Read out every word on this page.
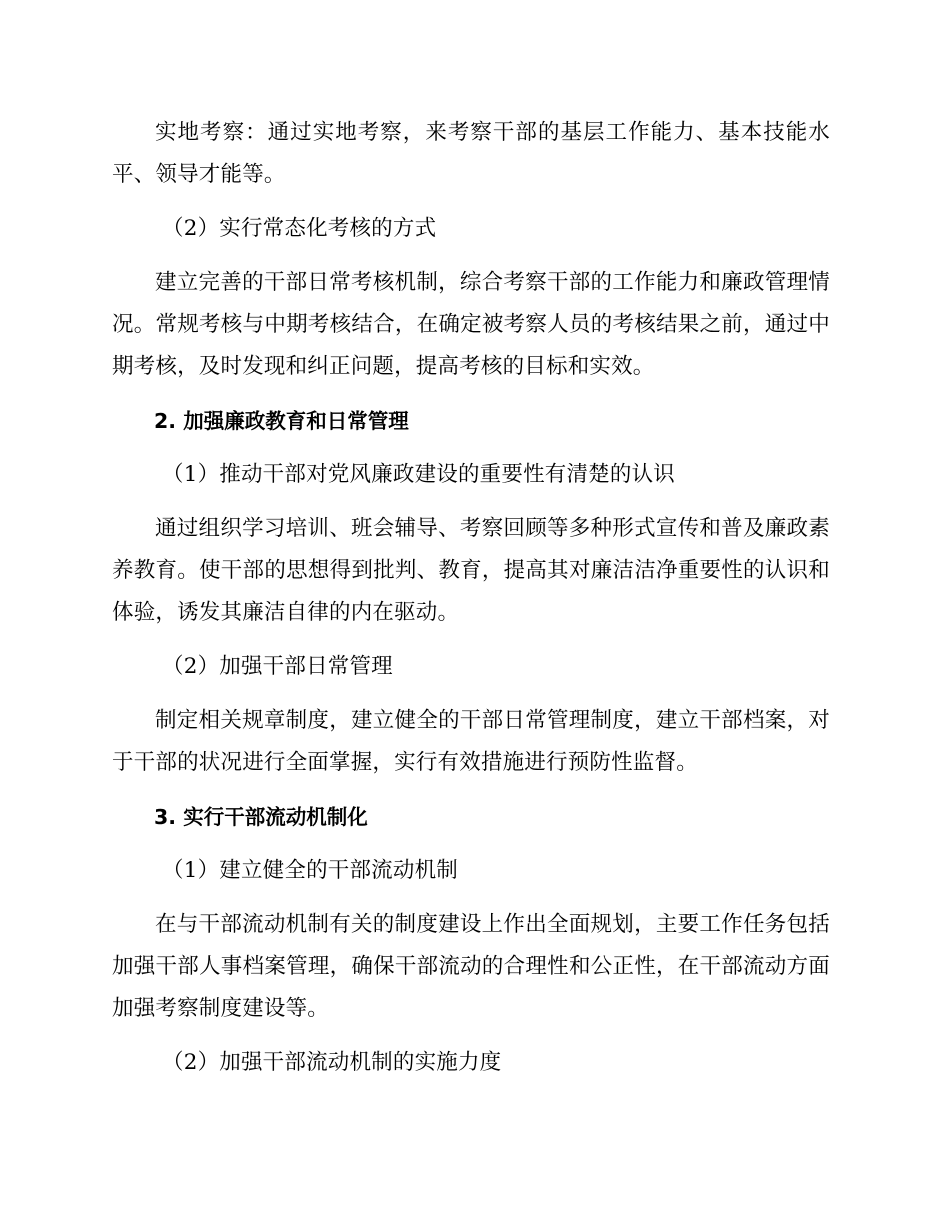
实地考察：通过实地考察，来考察干部的基层工作能力、基本技能水平、领导才能等。

（2）实行常态化考核的方式

建立完善的干部日常考核机制，综合考察干部的工作能力和廉政管理情况。常规考核与中期考核结合，在确定被考察人员的考核结果之前，通过中期考核，及时发现和纠正问题，提高考核的目标和实效。

2. 加强廉政教育和日常管理

（1）推动干部对党风廉政建设的重要性有清楚的认识

通过组织学习培训、班会辅导、考察回顾等多种形式宣传和普及廉政素养教育。使干部的思想得到批判、教育，提高其对廉洁洁净重要性的认识和体验，诱发其廉洁自律的内在驱动。

（2）加强干部日常管理

制定相关规章制度，建立健全的干部日常管理制度，建立干部档案，对于干部的状况进行全面掌握，实行有效措施进行预防性监督。

3. 实行干部流动机制化

（1）建立健全的干部流动机制

在与干部流动机制有关的制度建设上作出全面规划，主要工作任务包括加强干部人事档案管理，确保干部流动的合理性和公正性，在干部流动方面加强考察制度建设等。

（2）加强干部流动机制的实施力度
